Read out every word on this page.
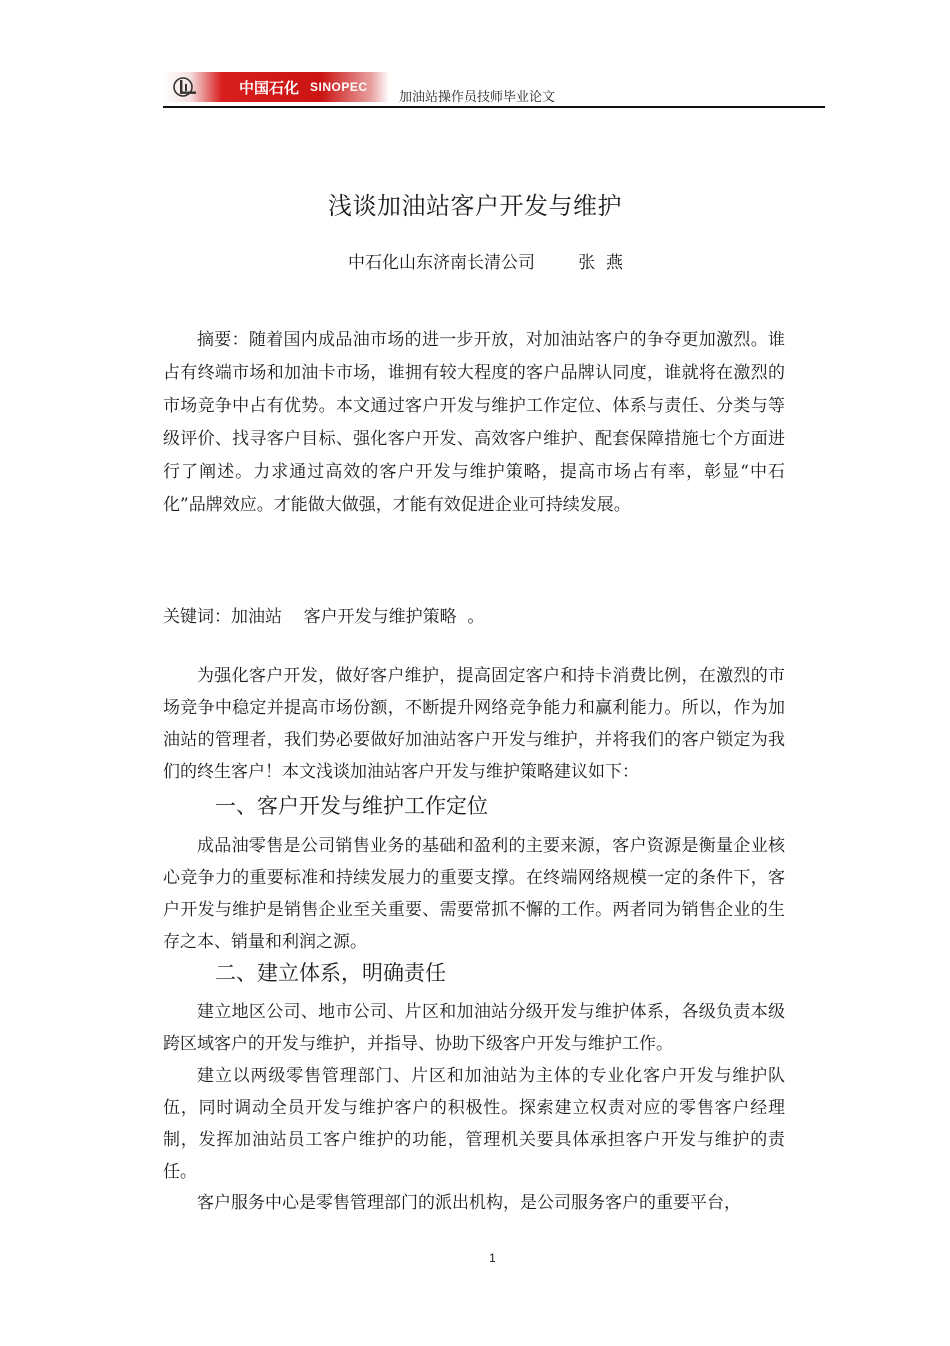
中国石化 SINOPEC
加油站操作员技师毕业论文
浅谈加油站客户开发与维护
中石化山东济南长清公司	张  燕
摘要：随着国内成品油市场的进一步开放，对加油站客户的争夺更加激烈。谁占有终端市场和加油卡市场，谁拥有较大程度的客户品牌认同度，谁就将在激烈的市场竞争中占有优势。本文通过客户开发与维护工作定位、体系与责任、分类与等级评价、找寻客户目标、强化客户开发、高效客户维护、配套保障措施七个方面进行了阐述。力求通过高效的客户开发与维护策略，提高市场占有率，彰显“中石化”品牌效应。才能做大做强，才能有效促进企业可持续发展。
关键词：加油站    客户开发与维护策略  。
为强化客户开发，做好客户维护，提高固定客户和持卡消费比例，在激烈的市场竞争中稳定并提高市场份额，不断提升网络竞争能力和赢利能力。所以，作为加油站的管理者，我们势必要做好加油站客户开发与维护，并将我们的客户锁定为我们的终生客户！本文浅谈加油站客户开发与维护策略建议如下：
一、客户开发与维护工作定位
成品油零售是公司销售业务的基础和盈利的主要来源，客户资源是衡量企业核心竞争力的重要标准和持续发展力的重要支撑。在终端网络规模一定的条件下，客户开发与维护是销售企业至关重要、需要常抓不懈的工作。两者同为销售企业的生存之本、销量和利润之源。
二、建立体系，明确责任
建立地区公司、地市公司、片区和加油站分级开发与维护体系，各级负责本级跨区域客户的开发与维护，并指导、协助下级客户开发与维护工作。
建立以两级零售管理部门、片区和加油站为主体的专业化客户开发与维护队伍，同时调动全员开发与维护客户的积极性。探索建立权责对应的零售客户经理制，发挥加油站员工客户维护的功能，管理机关要具体承担客户开发与维护的责任。
客户服务中心是零售管理部门的派出机构，是公司服务客户的重要平台，
1
